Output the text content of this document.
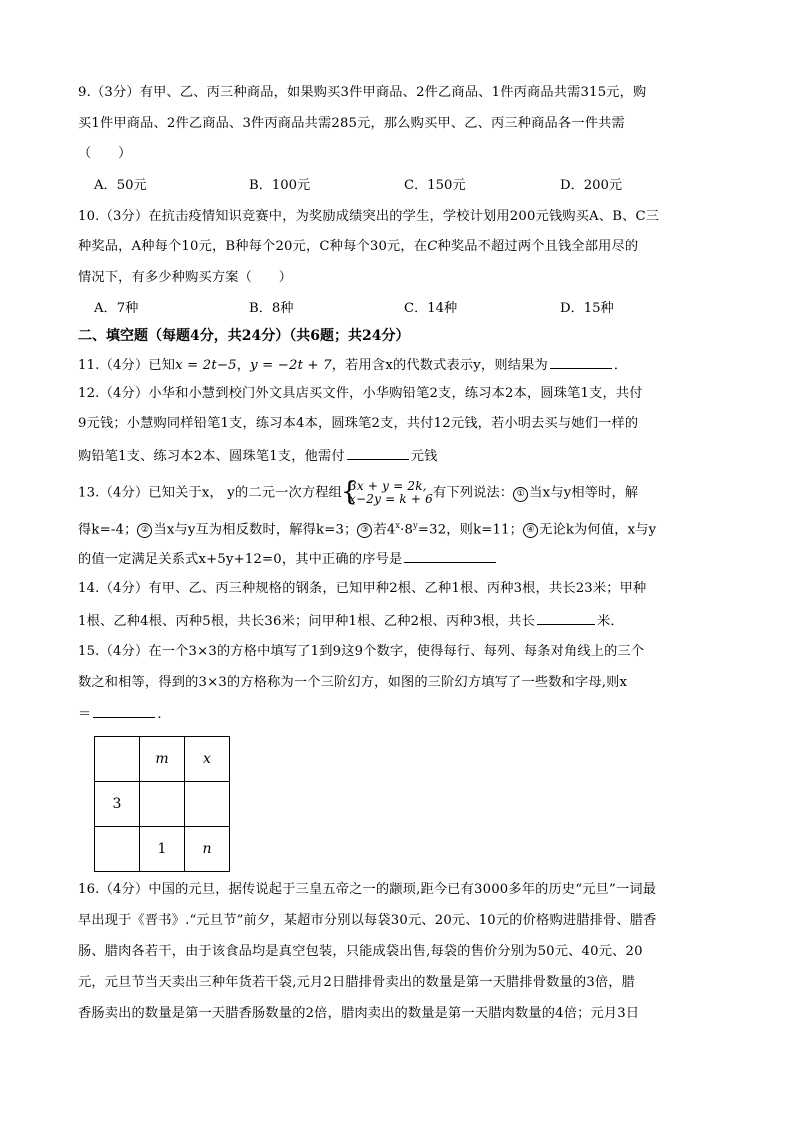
9.（3分）有甲、乙、丙三种商品，如果购买3件甲商品、2件乙商品、1件丙商品共需315元，购
买1件甲商品、2件乙商品、3件丙商品共需285元，那么购买甲、乙、丙三种商品各一件共需
（　　）
A．50元	B．100元	C．150元	D．200元
10.（3分）在抗击疫情知识竞赛中，为奖励成绩突出的学生，学校计划用200元钱购买A、B、C三
种奖品，A种每个10元，B种每个20元，C种每个30元，在C种奖品不超过两个且钱全部用尽的
情况下，有多少种购买方案（　　）
A．7种	B．8种	C．14种	D．15种
二、填空题（每题4分，共24分）（共6题；共24分）
11.（4分）已知x = 2t−5，y = −2t + 7，若用含x的代数式表示y，则结果为	．
12.（4分）小华和小慧到校门外文具店买文件，小华购铅笔2支，练习本2本，圆珠笔1支，共付
9元钱；小慧购同样铅笔1支，练习本4本，圆珠笔2支，共付12元钱，若小明去买与她们一样的
购铅笔1支、练习本2本、圆珠笔1支，他需付	元钱
13.（4分）已知关于x， y的二元一次方程组 { 3x + y = 2k,
x−2y = k + 6有下列说法： ① 当x与y相等时，解
得k=-4； ② 当x与y互为相反数时，解得k=3； ③ 若$4^x\cdot 8^y=32$，则k=11； ④ 无论k为何值，x与y
的值一定满足关系式x+5y+12=0，其中正确的序号是
14.（4分）有甲、乙、丙三种规格的钢条，已知甲种2根、乙种1根、丙种3根，共长23米；甲种
1根、乙种4根、丙种5根，共长36米；问甲种1根、乙种2根、丙种3根，共长	米．
15.（4分）在一个3×3的方格中填写了1到9这9个数字，使得每行、每列、每条对角线上的三个
数之和相等，得到的3×3的方格称为一个三阶幻方，如图的三阶幻方填写了一些数和字母,则x
＝	.
	m	x
3		
	1	n
16.（4分）中国的元旦，据传说起于三皇五帝之一的颛顼,距今已有3000多年的历史“元旦”一词最
早出现于《晋书》.“元旦节”前夕，某超市分别以每袋30元、20元、10元的价格购进腊排骨、腊香
肠、腊肉各若干，由于该食品均是真空包装，只能成袋出售,每袋的售价分别为50元、40元、20
元，元旦节当天卖出三种年货若干袋,元月2日腊排骨卖出的数量是第一天腊排骨数量的3倍，腊
香肠卖出的数量是第一天腊香肠数量的2倍，腊肉卖出的数量是第一天腊肉数量的4倍；元月3日
